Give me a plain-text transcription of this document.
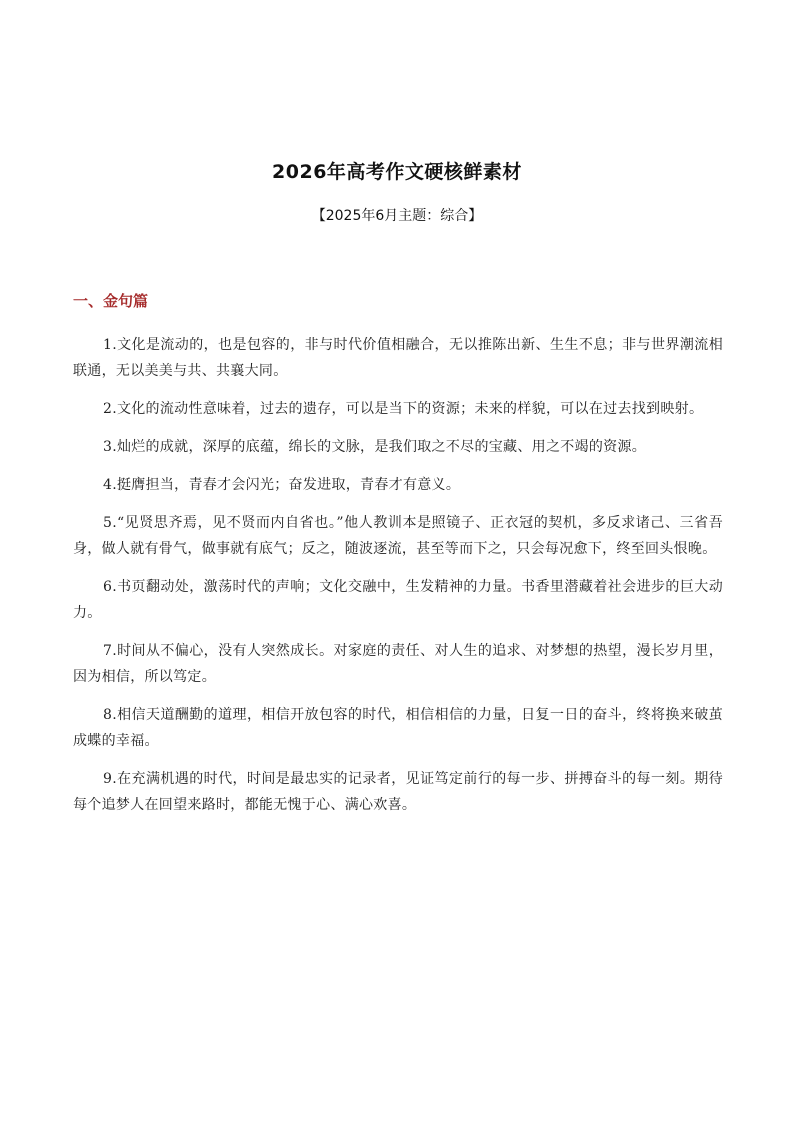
2026年高考作文硬核鲜素材

【2025年6月主题：综合】

一、金句篇
1.文化是流动的，也是包容的，非与时代价值相融合，无以推陈出新、生生不息；非与世界潮流相联通，无以美美与共、共襄大同。
2.文化的流动性意味着，过去的遗存，可以是当下的资源；未来的样貌，可以在过去找到映射。
3.灿烂的成就，深厚的底蕴，绵长的文脉，是我们取之不尽的宝藏、用之不竭的资源。
4.挺膺担当，青春才会闪光；奋发进取，青春才有意义。
5.“见贤思齐焉，见不贤而内自省也。”他人教训本是照镜子、正衣冠的契机，多反求诸己、三省吾身，做人就有骨气，做事就有底气；反之，随波逐流，甚至等而下之，只会每况愈下，终至回头恨晚。
6.书页翻动处，激荡时代的声响；文化交融中，生发精神的力量。书香里潜藏着社会进步的巨大动力。
7.时间从不偏心，没有人突然成长。对家庭的责任、对人生的追求、对梦想的热望，漫长岁月里，因为相信，所以笃定。
8.相信天道酬勤的道理，相信开放包容的时代，相信相信的力量，日复一日的奋斗，终将换来破茧成蝶的幸福。
9.在充满机遇的时代，时间是最忠实的记录者，见证笃定前行的每一步、拼搏奋斗的每一刻。期待每个追梦人在回望来路时，都能无愧于心、满心欢喜。
